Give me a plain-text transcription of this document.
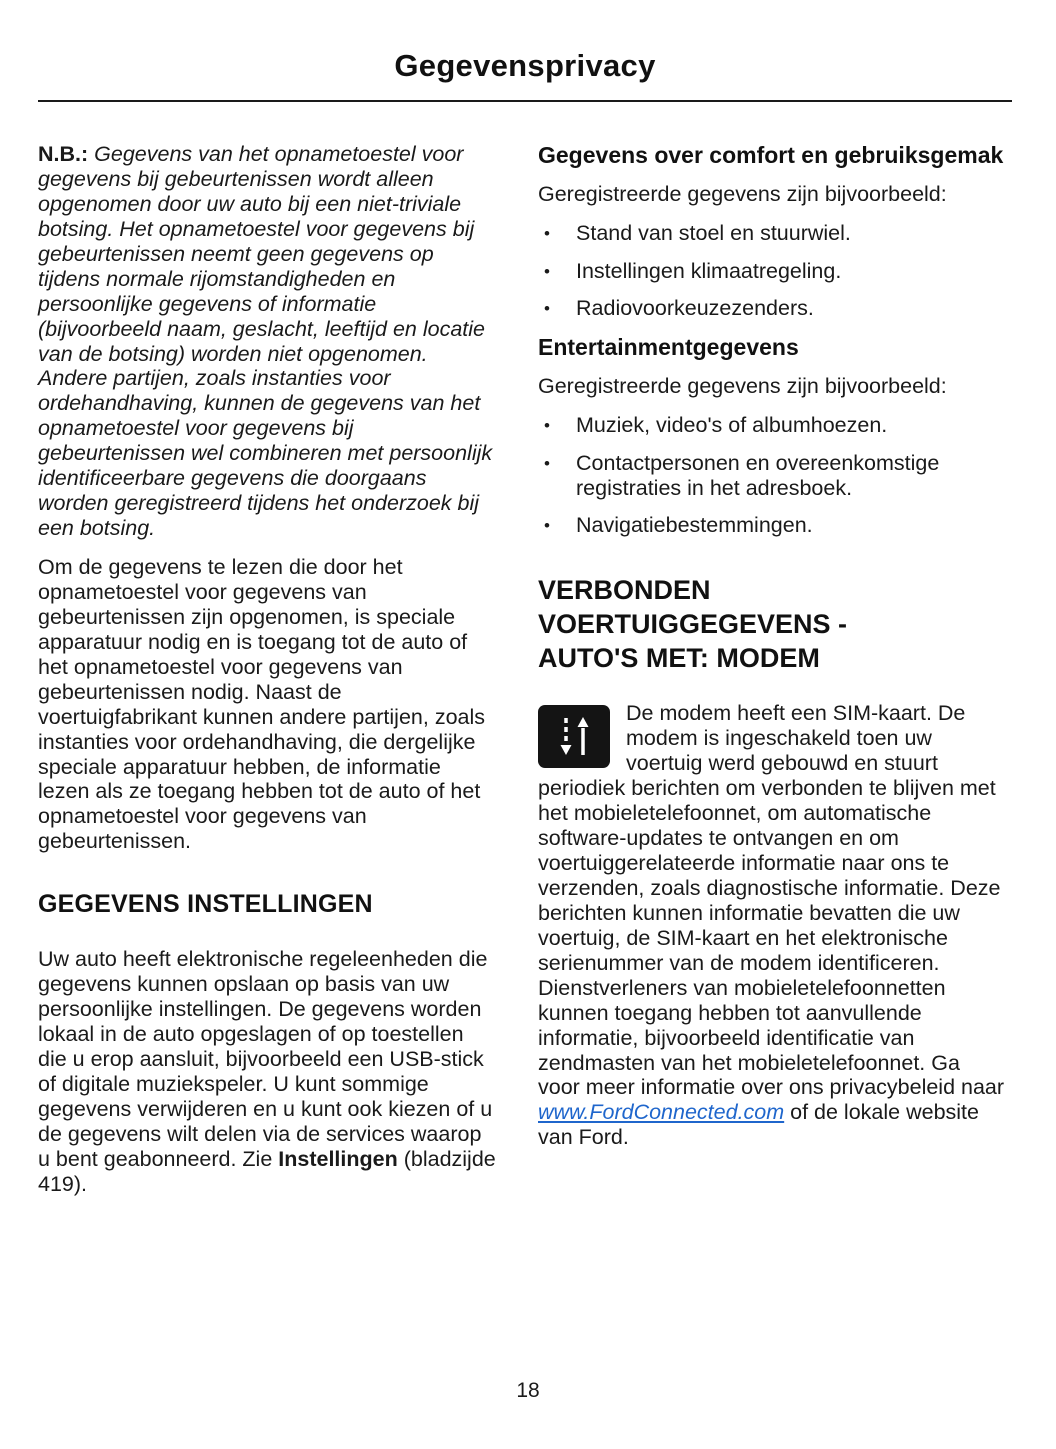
Gegevensprivacy

N.B.: Gegevens van het opnametoestel voor gegevens bij gebeurtenissen wordt alleen opgenomen door uw auto bij een niet-triviale botsing. Het opnametoestel voor gegevens bij gebeurtenissen neemt geen gegevens op tijdens normale rijomstandigheden en persoonlijke gegevens of informatie (bijvoorbeeld naam, geslacht, leeftijd en locatie van de botsing) worden niet opgenomen. Andere partijen, zoals instanties voor ordehandhaving, kunnen de gegevens van het opnametoestel voor gegevens bij gebeurtenissen wel combineren met persoonlijk identificeerbare gegevens die doorgaans worden geregistreerd tijdens het onderzoek bij een botsing.

Om de gegevens te lezen die door het opnametoestel voor gegevens van gebeurtenissen zijn opgenomen, is speciale apparatuur nodig en is toegang tot de auto of het opnametoestel voor gegevens van gebeurtenissen nodig. Naast de voertuigfabrikant kunnen andere partijen, zoals instanties voor ordehandhaving, die dergelijke speciale apparatuur hebben, de informatie lezen als ze toegang hebben tot de auto of het opnametoestel voor gegevens van gebeurtenissen.

GEGEVENS INSTELLINGEN

Uw auto heeft elektronische regeleenheden die gegevens kunnen opslaan op basis van uw persoonlijke instellingen. De gegevens worden lokaal in de auto opgeslagen of op toestellen die u erop aansluit, bijvoorbeeld een USB-stick of digitale muziekspeler. U kunt sommige gegevens verwijderen en u kunt ook kiezen of u de gegevens wilt delen via de services waarop u bent geabonneerd. Zie Instellingen (bladzijde 419).

Gegevens over comfort en gebruiksgemak

Geregistreerde gegevens zijn bijvoorbeeld:

• Stand van stoel en stuurwiel.
• Instellingen klimaatregeling.
• Radiovoorkeuzezenders.
Entertainmentgegevens

Geregistreerde gegevens zijn bijvoorbeeld:

• Muziek, video's of albumhoezen.
• Contactpersonen en overeenkomstige registraties in het adresboek.
• Navigatiebestemmingen.
VERBONDEN VOERTUIGGEGEVENS - AUTO'S MET: MODEM

De modem heeft een SIM-kaart. De modem is ingeschakeld toen uw voertuig werd gebouwd en stuurt periodiek berichten om verbonden te blijven met het mobieletelefoonnet, om automatische software-updates te ontvangen en om voertuiggerelateerde informatie naar ons te verzenden, zoals diagnostische informatie. Deze berichten kunnen informatie bevatten die uw voertuig, de SIM-kaart en het elektronische serienummer van de modem identificeren. Dienstverleners van mobieletelefoonnetten kunnen toegang hebben tot aanvullende informatie, bijvoorbeeld identificatie van zendmasten van het mobieletelefoonnet. Ga voor meer informatie over ons privacybeleid naar www.FordConnected.com of de lokale website van Ford.

18
